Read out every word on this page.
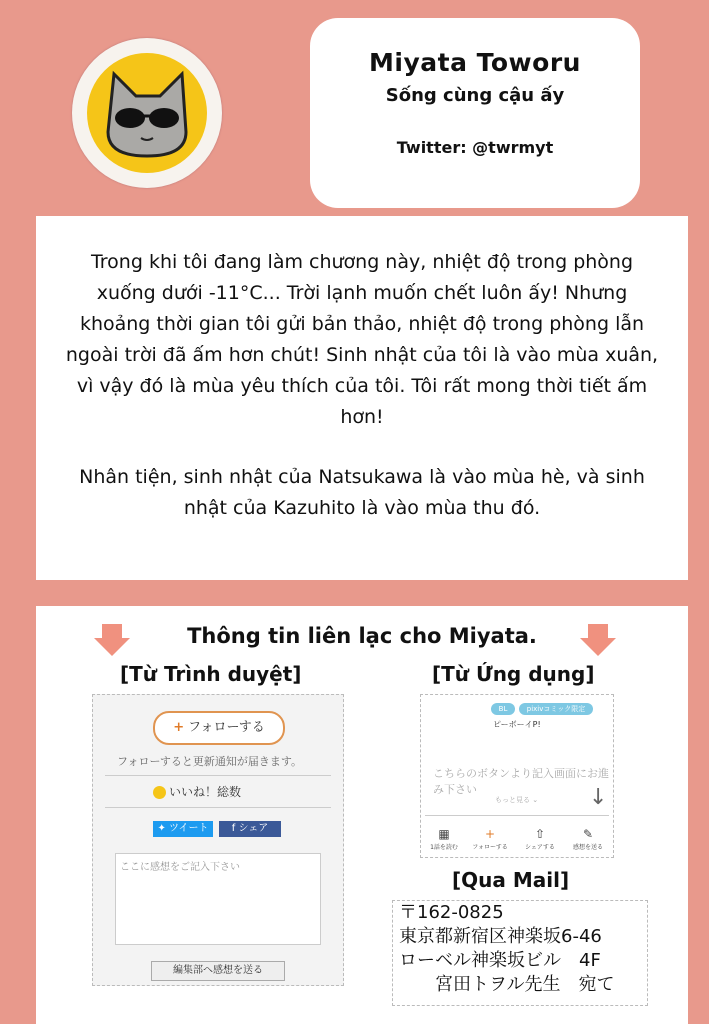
Miyata Toworu
Sống cùng cậu ấy
Twitter: @twrmyt

Trong khi tôi đang làm chương này, nhiệt độ trong phòng xuống dưới -11°C... Trời lạnh muốn chết luôn ấy! Nhưng khoảng thời gian tôi gửi bản thảo, nhiệt độ trong phòng lẫn ngoài trời đã ấm hơn chút! Sinh nhật của tôi là vào mùa xuân, vì vậy đó là mùa yêu thích của tôi. Tôi rất mong thời tiết ấm hơn!

Nhân tiện, sinh nhật của Natsukawa là vào mùa hè, và sinh nhật của Kazuhito là vào mùa thu đó.

Thông tin liên lạc cho Miyata.
[Từ Trình duyệt]	[Từ Ứng dụng]
+ フォローする
フォローすると更新通知が届きます。
いいね！総数
✦ ツイート	f シェア
ここに感想をご記入下さい
編集部へ感想を送る
BL	pixivコミック限定
ピーボーイP!
こちらのボタンより記入画面にお進み下さい
もっと見る ⌄ ↓
▦
1話を読む
+
フォローする
⇧
シェアする
✎
感想を送る
[Qua Mail]
〒162-0825
東京都新宿区神楽坂6-46
ローベル神楽坂ビル　4F
宮田トヲル先生　宛て
